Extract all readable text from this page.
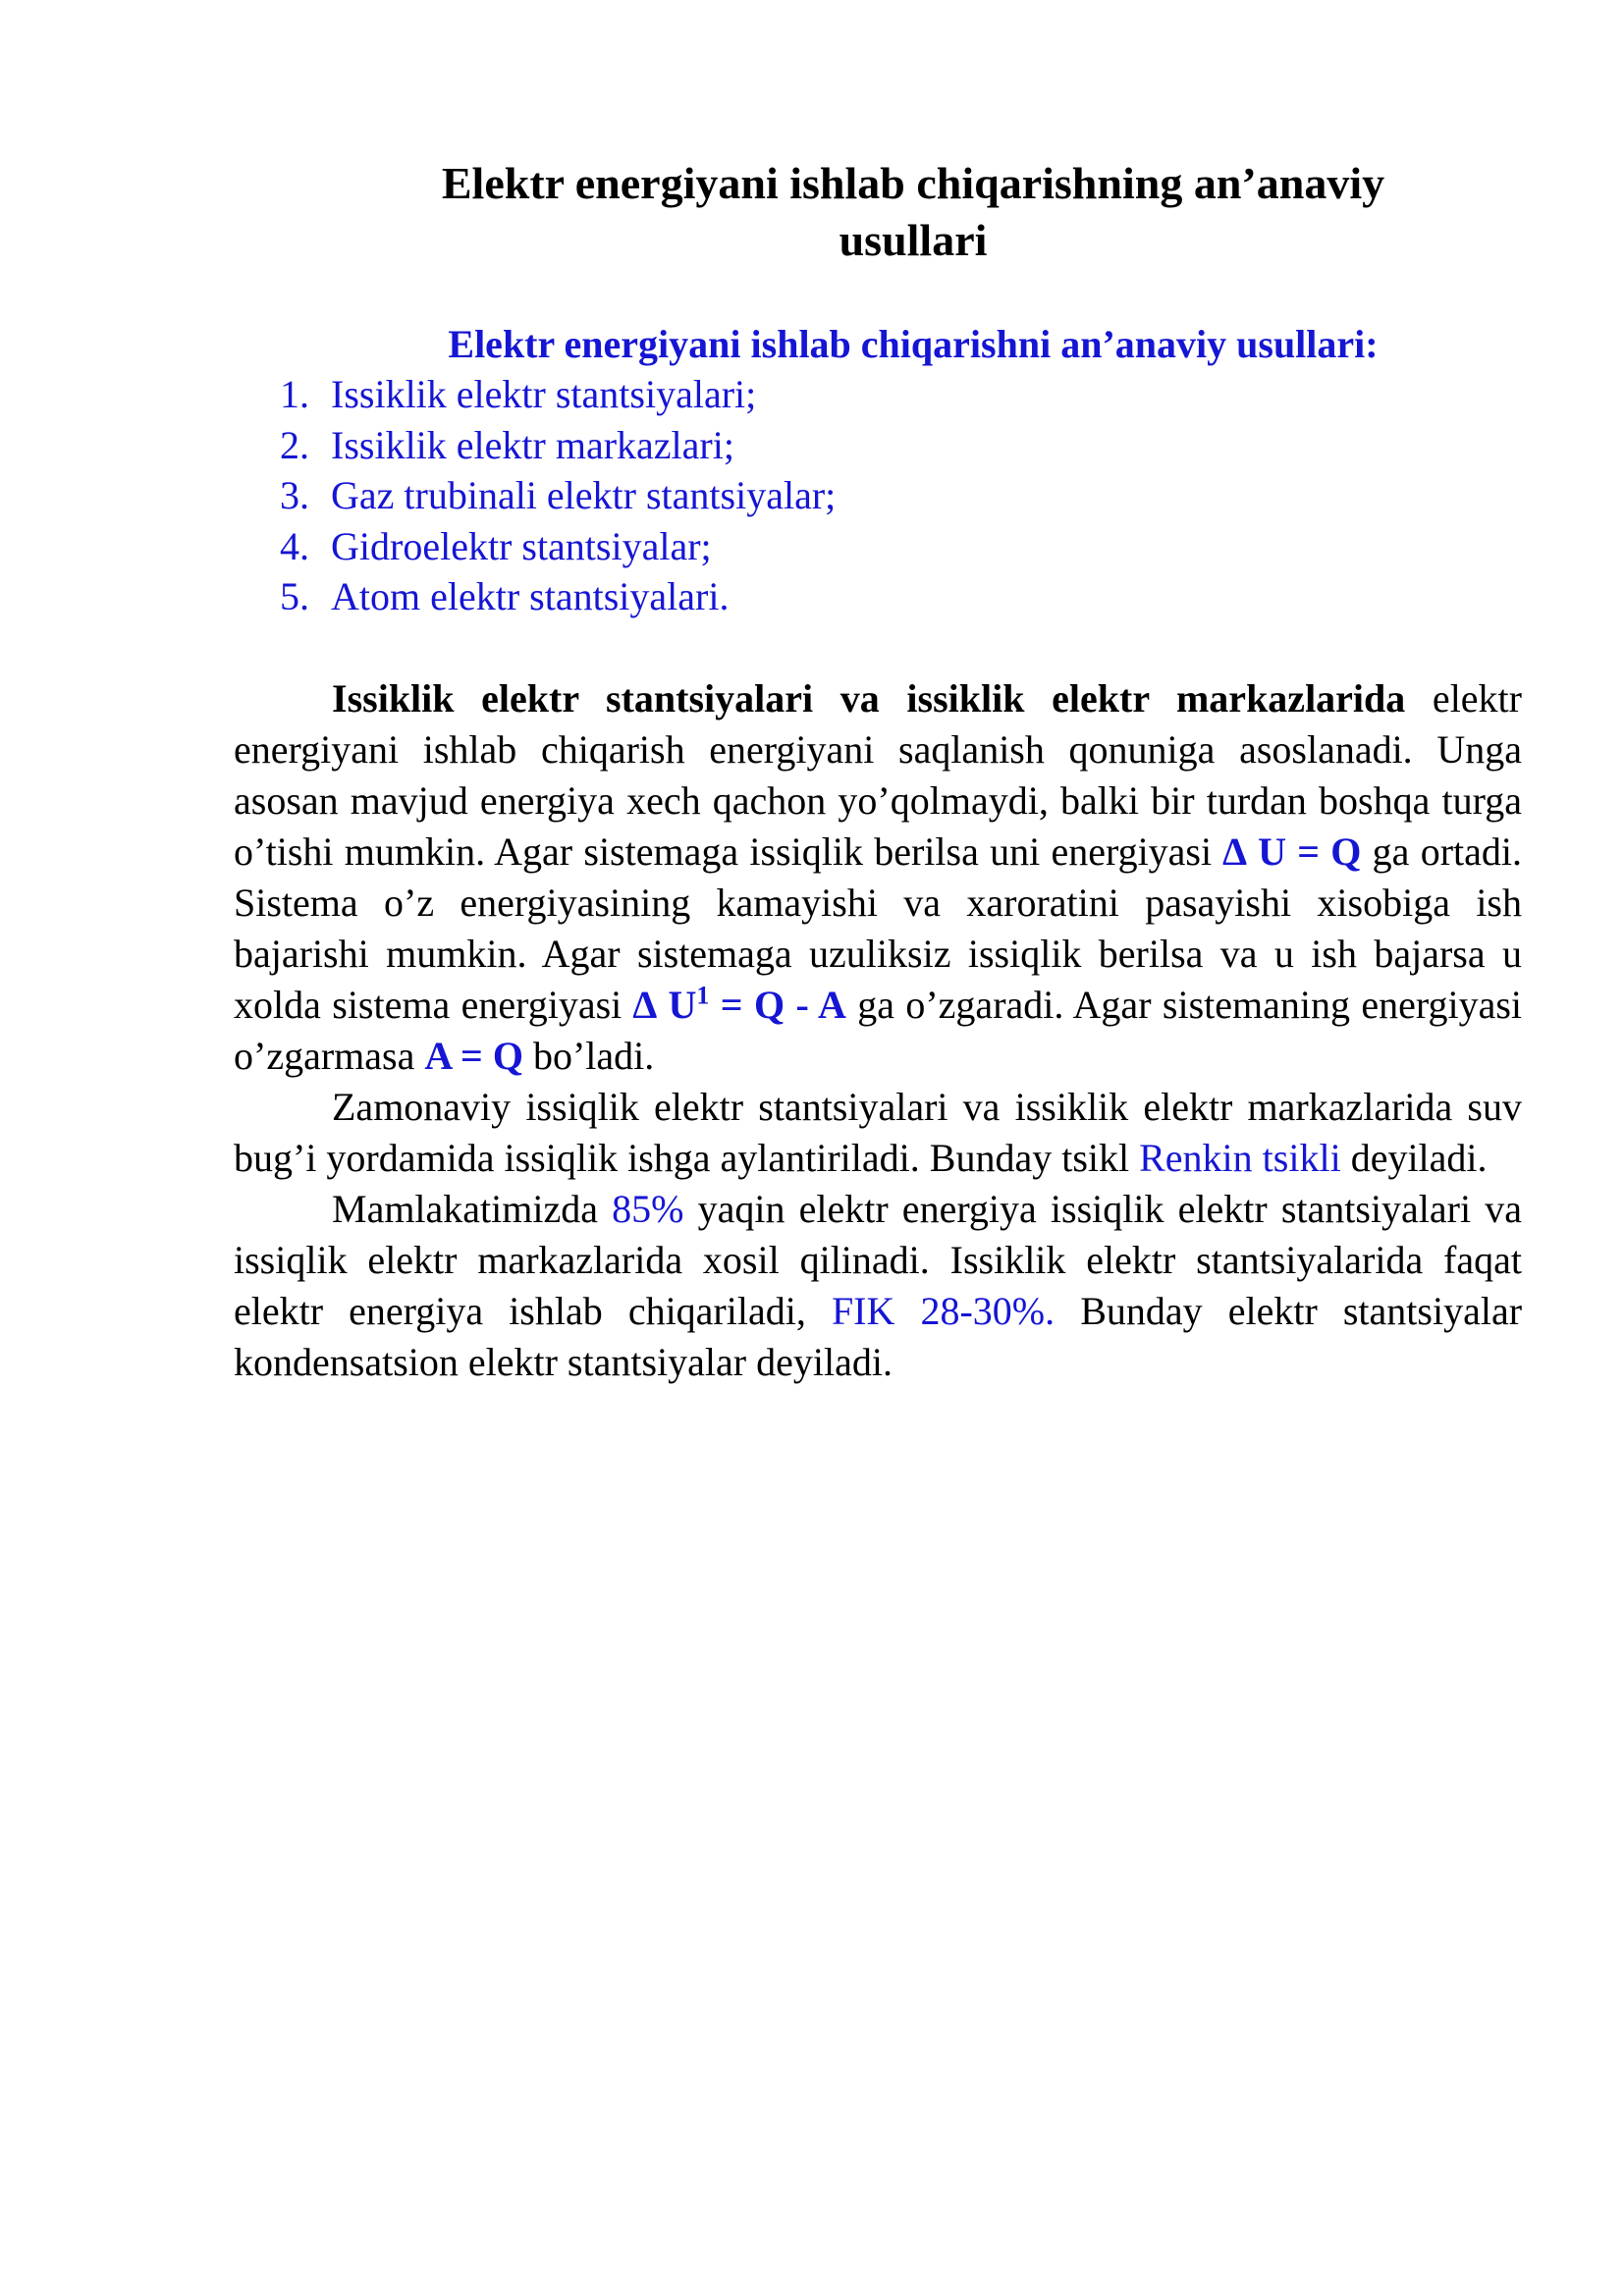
Elektr energiyani ishlab chiqarishning an’anaviy
usullari
Elektr energiyani ishlab chiqarishni an’anaviy usullari:
1. Issiklik elektr stantsiyalari;
2. Issiklik elektr markazlari;
3. Gaz trubinali elektr stantsiyalar;
4. Gidroelektr stantsiyalar;
5. Atom elektr stantsiyalari.

Issiklik elektr stantsiyalari va issiklik elektr markazlarida elektr energiyani ishlab chiqarish energiyani saqlanish qonuniga asoslanadi. Unga asosan mavjud energiya xech qachon yo’qolmaydi, balki bir turdan boshqa turga o’tishi mumkin. Agar sistemaga issiqlik berilsa uni energiyasi ∆ U = Q ga ortadi. Sistema o’z energiyasining kamayishi va xaroratini pasayishi xisobiga ish bajarishi mumkin. Agar sistemaga uzuliksiz issiqlik berilsa va u ish bajarsa u xolda sistema energiyasi ∆ $U^1 = Q - A$ ga o’zgaradi. Agar sistemaning energiyasi o’zgarmasa A = Q bo’ladi.

Zamonaviy issiqlik elektr stantsiyalari va issiklik elektr markazlarida suv bug’i yordamida issiqlik ishga aylantiriladi. Bunday tsikl Renkin tsikli deyiladi.

Mamlakatimizda 85% yaqin elektr energiya issiqlik elektr stantsiyalari va issiqlik elektr markazlarida xosil qilinadi. Issiklik elektr stantsiyalarida faqat elektr energiya ishlab chiqariladi, FIK 28-30%. Bunday elektr stantsiyalar kondensatsion elektr stantsiyalar deyiladi.
